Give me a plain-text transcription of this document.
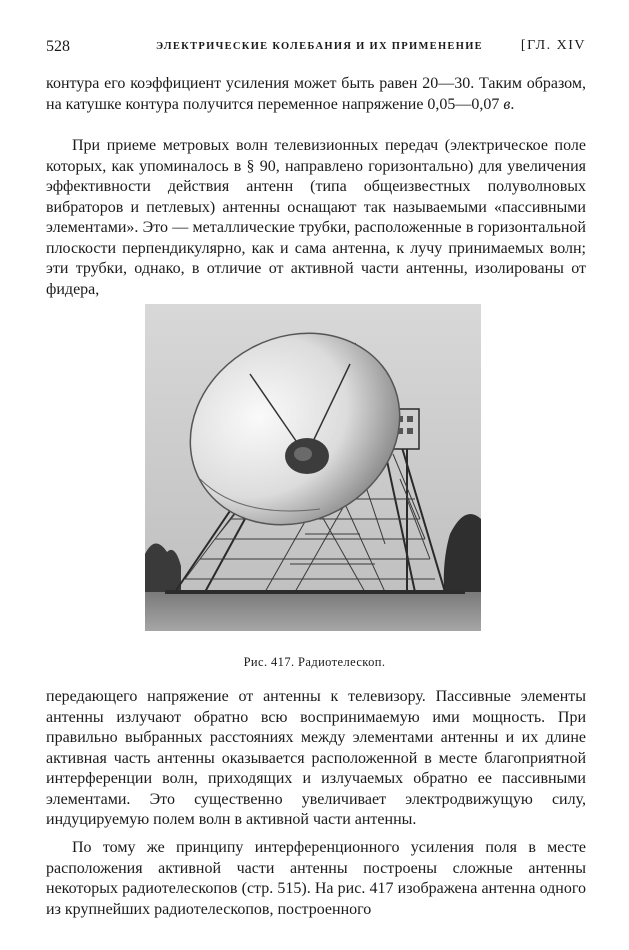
528	ЭЛЕКТРИЧЕСКИЕ КОЛЕБАНИЯ И ИХ ПРИМЕНЕНИЕ	[ГЛ. XIV

контура его коэффициент усиления может быть равен 20—30. Таким образом, на катушке контура получится переменное напряжение 0,05—0,07 в.

При приеме метровых волн телевизионных передач (электрическое поле которых, как упоминалось в § 90, направлено горизонтально) для увеличения эффективности действия антенн (типа общеизвестных полуволновых вибраторов и петлевых) антенны оснащают так называемыми «пассивными элементами». Это — металлические трубки, расположенные в горизонтальной плоскости перпендикулярно, как и сама антенна, к лучу принимаемых волн; эти трубки, однако, в отличие от активной части антенны, изолированы от фидера,

Рис. 417. Радиотелескоп.

передающего напряжение от антенны к телевизору. Пассивные элементы антенны излучают обратно всю воспринимаемую ими мощность. При правильно выбранных расстояниях между элементами антенны и их длине активная часть антенны оказывается расположенной в месте благоприятной интерференции волн, приходящих и излучаемых обратно ее пассивными элементами. Это существенно увеличивает электродвижущую силу, индуцируемую полем волн в активной части антенны.

По тому же принципу интерференционного усиления поля в месте расположения активной части антенны построены сложные антенны некоторых радиотелескопов (стр. 515). На рис. 417 изображена антенна одного из крупнейших радиотелескопов, построенного
